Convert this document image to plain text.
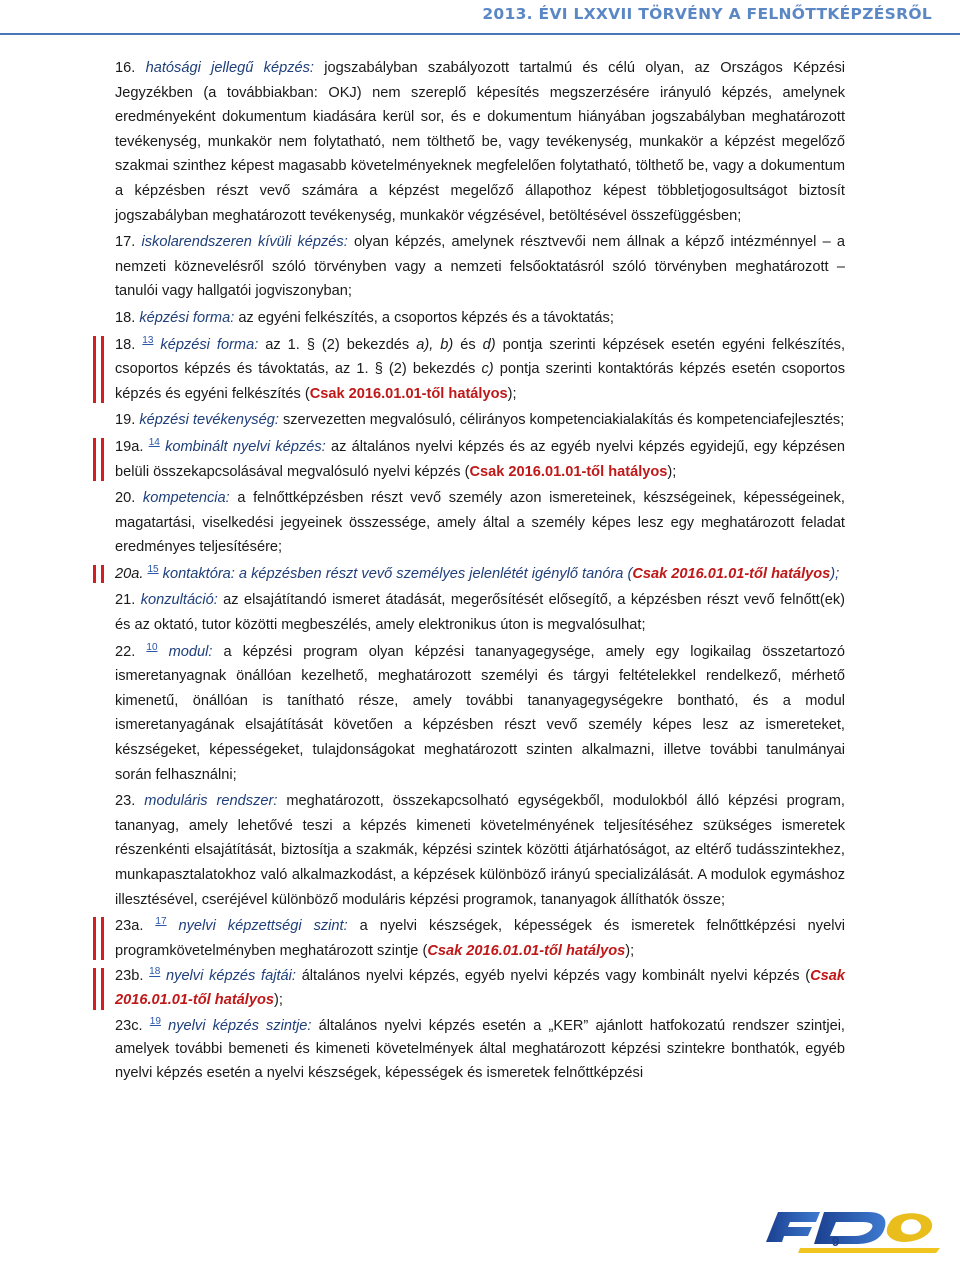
2013. ÉVI LXXVII TÖRVÉNY A FELNŐTTKÉPZÉSRŐL

16. hatósági jellegű képzés: jogszabályban szabályozott tartalmú és célú olyan, az Országos Képzési Jegyzékben (a továbbiakban: OKJ) nem szereplő képesítés megszerzésére irányuló képzés, amelynek eredményeként dokumentum kiadására kerül sor, és e dokumentum hiányában jogszabályban meghatározott tevékenység, munkakör nem folytatható, nem tölthető be, vagy tevékenység, munkakör a képzést megelőző szakmai szinthez képest magasabb követelményeknek megfelelően folytatható, tölthető be, vagy a dokumentum a képzésben részt vevő számára a képzést megelőző állapothoz képest többletjogosultságot biztosít jogszabályban meghatározott tevékenység, munkakör végzésével, betöltésével összefüggésben;

17. iskolarendszeren kívüli képzés: olyan képzés, amelynek résztvevői nem állnak a képző intézménnyel – a nemzeti köznevelésről szóló törvényben vagy a nemzeti felsőoktatásról szóló törvényben meghatározott – tanulói vagy hallgatói jogviszonyban;

18. képzési forma: az egyéni felkészítés, a csoportos képzés és a távoktatás;

18. $^{13}$ képzési forma: az 1. § (2) bekezdés a), b) és d) pontja szerinti képzések esetén egyéni felkészítés, csoportos képzés és távoktatás, az 1. § (2) bekezdés c) pontja szerinti kontaktórás képzés esetén csoportos képzés és egyéni felkészítés (Csak 2016.01.01-től hatályos);

19. képzési tevékenység: szervezetten megvalósuló, célirányos kompetenciakialakítás és kompetenciafejlesztés;

19a. $^{14}$ kombinált nyelvi képzés: az általános nyelvi képzés és az egyéb nyelvi képzés egyidejű, egy képzésen belüli összekapcsolásával megvalósuló nyelvi képzés (Csak 2016.01.01-től hatályos);

20. kompetencia: a felnőttképzésben részt vevő személy azon ismereteinek, készségeinek, képességeinek, magatartási, viselkedési jegyeinek összessége, amely által a személy képes lesz egy meghatározott feladat eredményes teljesítésére;

20a. $^{15}$ kontaktóra: a képzésben részt vevő személyes jelenlétét igénylő tanóra (Csak 2016.01.01-től hatályos);

21. konzultáció: az elsajátítandó ismeret átadását, megerősítését elősegítő, a képzésben részt vevő felnőtt(ek) és az oktató, tutor közötti megbeszélés, amely elektronikus úton is megvalósulhat;

22. $^{10}$ modul: a képzési program olyan képzési tananyagegysége, amely egy logikailag összetartozó ismeretanyagnak önállóan kezelhető, meghatározott személyi és tárgyi feltételekkel rendelkező, mérhető kimenetű, önállóan is tanítható része, amely további tananyagegységekre bontható, és a modul ismeretanyagának elsajátítását követően a képzésben részt vevő személy képes lesz az ismereteket, készségeket, képességeket, tulajdonságokat meghatározott szinten alkalmazni, illetve további tanulmányai során felhasználni;

23. moduláris rendszer: meghatározott, összekapcsolható egységekből, modulokból álló képzési program, tananyag, amely lehetővé teszi a képzés kimeneti követelményének teljesítéséhez szükséges ismeretek részenkénti elsajátítását, biztosítja a szakmák, képzési szintek közötti átjárhatóságot, az eltérő tudásszintekhez, munkapasztalatokhoz való alkalmazkodást, a képzések különböző irányú specializálását. A modulok egymáshoz illesztésével, cseréjével különböző moduláris képzési programok, tananyagok állíthatók össze;

23a. $^{17}$ nyelvi képzettségi szint: a nyelvi készségek, képességek és ismeretek felnőttképzési nyelvi programkövetelményben meghatározott szintje (Csak 2016.01.01-től hatályos);

23b. $^{18}$ nyelvi képzés fajtái: általános nyelvi képzés, egyéb nyelvi képzés vagy kombinált nyelvi képzés (Csak 2016.01.01-től hatályos);

23c. $^{19}$ nyelvi képzés szintje: általános nyelvi képzés esetén a „KER” ajánlott hatfokozatú rendszer szintjei, amelyek további bemeneti és kimeneti követelmények által meghatározott képzési szintekre bonthatók, egyéb nyelvi képzés esetén a nyelvi készségek, képességek és ismeretek felnőttképzési

9
